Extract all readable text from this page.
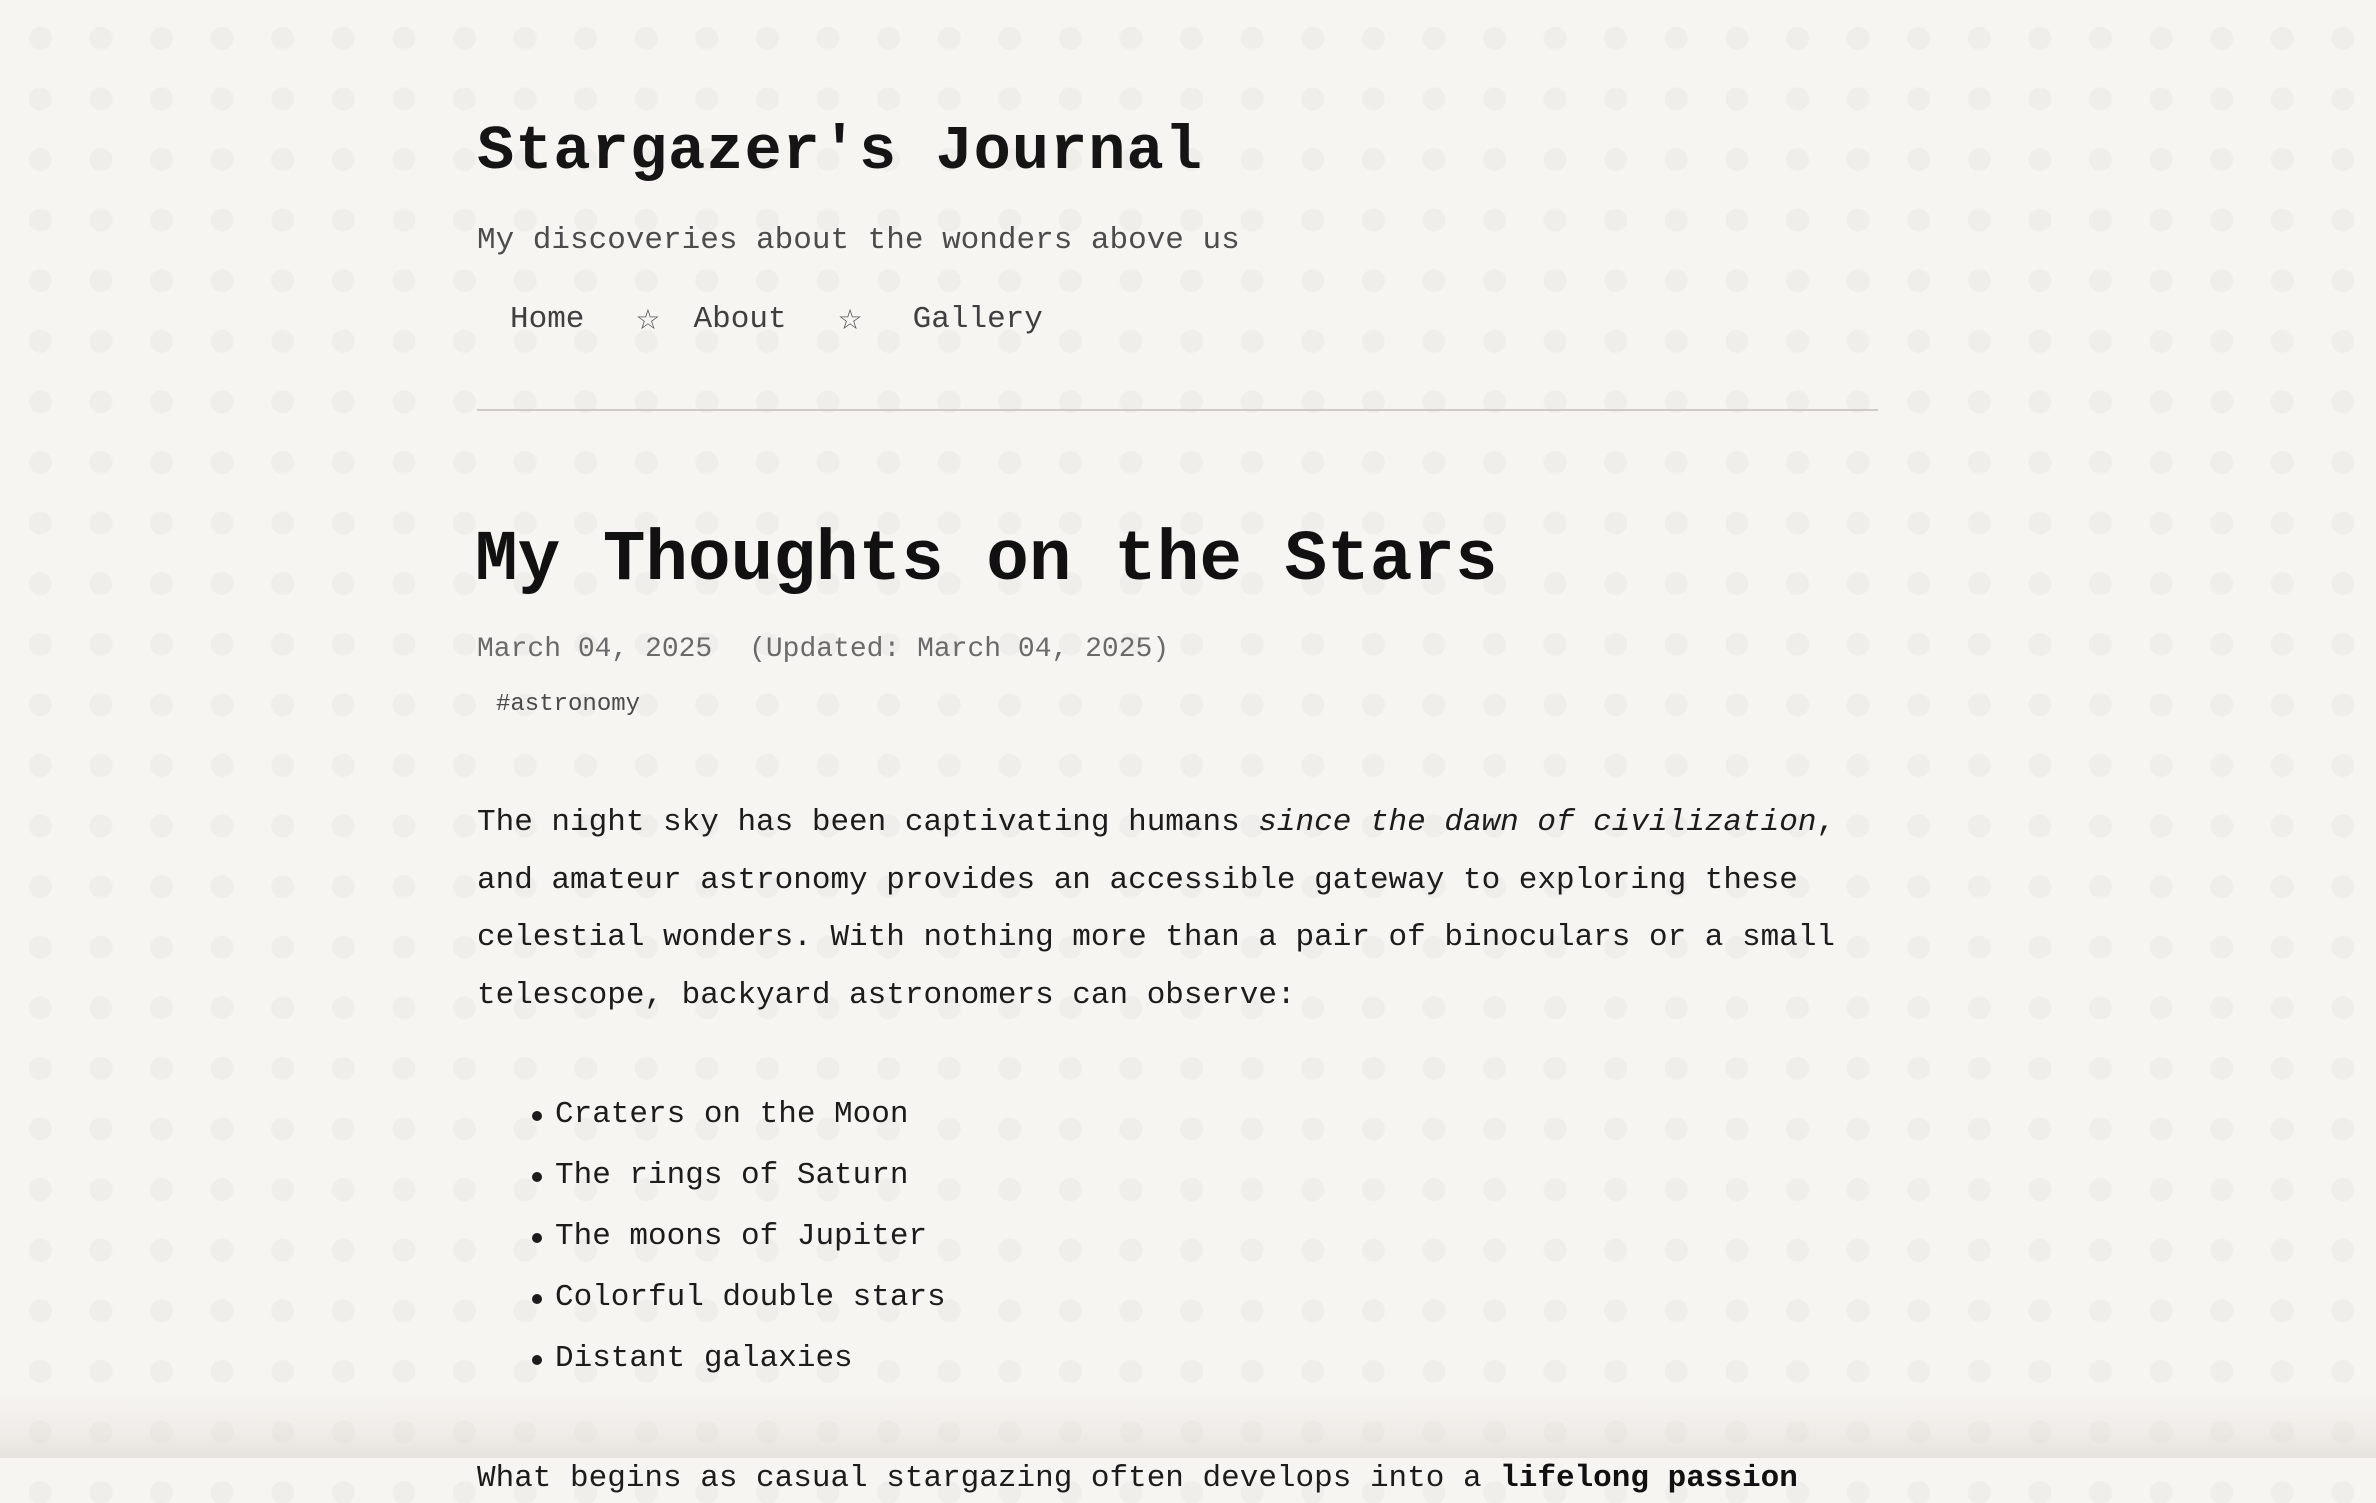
Stargazer's Journal

My discoveries about the wonders above us

Home ☆ About ☆ Gallery
My Thoughts on the Stars
March 04, 2025 (Updated: March 04, 2025)
#astronomy

The night sky has been captivating humans since the dawn of civilization, and amateur astronomy provides an accessible gateway to exploring these celestial wonders. With nothing more than a pair of binoculars or a small telescope, backyard astronomers can observe:

Craters on the Moon
The rings of Saturn
The moons of Jupiter
Colorful double stars
Distant galaxies

What begins as casual stargazing often develops into a lifelong passion
